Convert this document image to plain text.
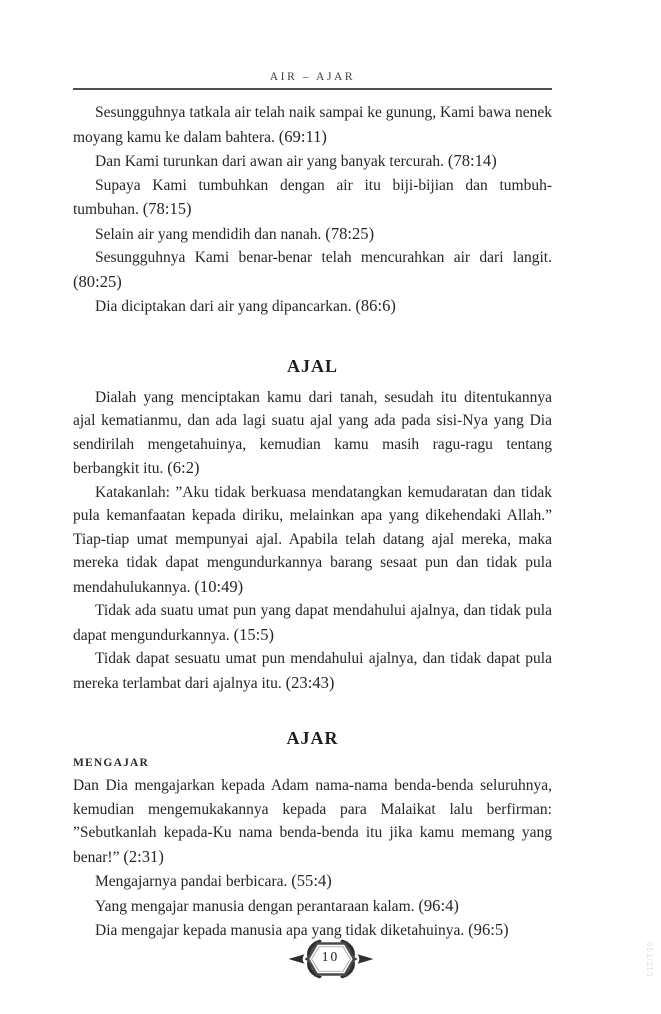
AIR – AJAR

Sesungguhnya tatkala air telah naik sampai ke gunung, Kami bawa nenek moyang kamu ke dalam bahtera. (69:11)

Dan Kami turunkan dari awan air yang banyak tercurah. (78:14)

Supaya Kami tumbuhkan dengan air itu biji-bijian dan tumbuh-tumbuhan. (78:15)

Selain air yang mendidih dan nanah. (78:25)

Sesungguhnya Kami benar-benar telah mencurahkan air dari langit. (80:25)

Dia diciptakan dari air yang dipancarkan. (86:6)

AJAL

Dialah yang menciptakan kamu dari tanah, sesudah itu ditentukannya ajal kematianmu, dan ada lagi suatu ajal yang ada pada sisi-Nya yang Dia sendirilah mengetahuinya, kemudian kamu masih ragu-ragu tentang berbangkit itu. (6:2)

Katakanlah: ”Aku tidak berkuasa mendatangkan kemudaratan dan tidak pula kemanfaatan kepada diriku, melainkan apa yang dikehendaki Allah.” Tiap-tiap umat mempunyai ajal. Apabila telah datang ajal mereka, maka mereka tidak dapat mengundurkannya barang sesaat pun dan tidak pula mendahulukannya. (10:49)

Tidak ada suatu umat pun yang dapat mendahului ajalnya, dan tidak pula dapat mengundurkannya. (15:5)

Tidak dapat sesuatu umat pun mendahului ajalnya, dan tidak dapat pula mereka terlambat dari ajalnya itu. (23:43)

AJAR
MENGAJAR

Dan Dia mengajarkan kepada Adam nama-nama benda-benda seluruhnya, kemudian mengemukakannya kepada para Malaikat lalu berfirman: ”Sebutkanlah kepada-Ku nama benda-benda itu jika kamu memang yang benar!” (2:31)

Mengajarnya pandai berbicara. (55:4)

Yang mengajar manusia dengan perantaraan kalam. (96:4)

Dia mengajar kepada manusia apa yang tidak diketahuinya. (96:5)

10	051/113
